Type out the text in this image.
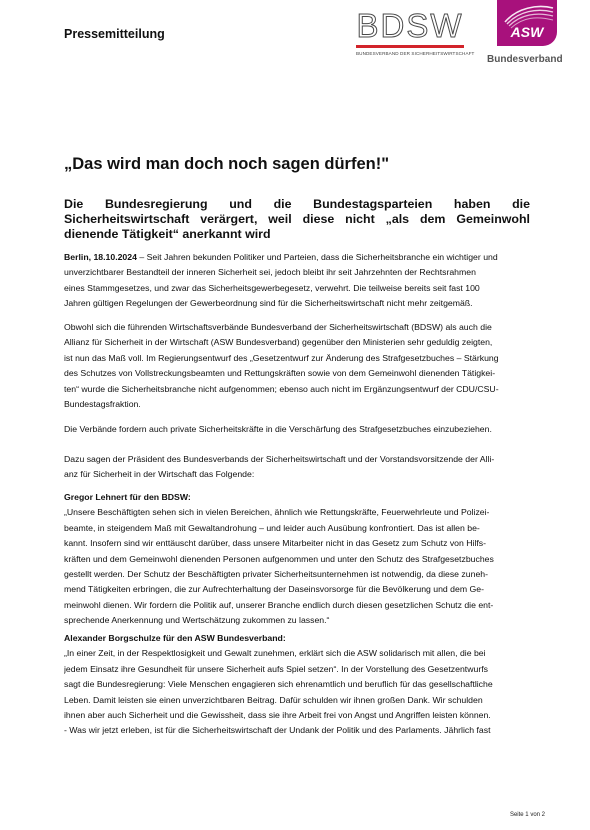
Pressemitteilung	BDSW
BUNDESVERBAND DER SICHERHEITSWIRTSCHAFT
ASW
Bundesverband
„Das wird man doch noch sagen dürfen!"
Die Bundesregierung und die Bundestagsparteien haben die
Sicherheitswirtschaft verärgert, weil diese nicht „als dem Gemeinwohl
dienende Tätigkeit“ anerkannt wird
Berlin, 18.10.2024 – Seit Jahren bekunden Politiker und Parteien, dass die Sicherheitsbranche ein wichtiger und
unverzichtbarer Bestandteil der inneren Sicherheit sei, jedoch bleibt ihr seit Jahrzehnten der Rechtsrahmen
eines Stammgesetzes, und zwar das Sicherheitsgewerbegesetz, verwehrt. Die teilweise bereits seit fast 100
Jahren gültigen Regelungen der Gewerbeordnung sind für die Sicherheitswirtschaft nicht mehr zeitgemäß.
Obwohl sich die führenden Wirtschaftsverbände Bundesverband der Sicherheitswirtschaft (BDSW) als auch die
Allianz für Sicherheit in der Wirtschaft (ASW Bundesverband) gegenüber den Ministerien sehr geduldig zeigten,
ist nun das Maß voll. Im Regierungsentwurf des „Gesetzentwurf zur Änderung des Strafgesetzbuches – Stärkung
des Schutzes von Vollstreckungsbeamten und Rettungskräften sowie von dem Gemeinwohl dienenden Tätigkei-
ten“ wurde die Sicherheitsbranche nicht aufgenommen; ebenso auch nicht im Ergänzungsentwurf der CDU/CSU-
Bundestagsfraktion.
Die Verbände fordern auch private Sicherheitskräfte in die Verschärfung des Strafgesetzbuches einzubeziehen.
Dazu sagen der Präsident des Bundesverbands der Sicherheitswirtschaft und der Vorstandsvorsitzende der Alli-
anz für Sicherheit in der Wirtschaft das Folgende:
Gregor Lehnert für den BDSW:
„Unsere Beschäftigten sehen sich in vielen Bereichen, ähnlich wie Rettungskräfte, Feuerwehrleute und Polizei-
beamte, in steigendem Maß mit Gewaltandrohung – und leider auch Ausübung konfrontiert. Das ist allen be-
kannt. Insofern sind wir enttäuscht darüber, dass unsere Mitarbeiter nicht in das Gesetz zum Schutz von Hilfs-
kräften und dem Gemeinwohl dienenden Personen aufgenommen und unter den Schutz des Strafgesetzbuches
gestellt werden. Der Schutz der Beschäftigten privater Sicherheitsunternehmen ist notwendig, da diese zuneh-
mend Tätigkeiten erbringen, die zur Aufrechterhaltung der Daseinsvorsorge für die Bevölkerung und dem Ge-
meinwohl dienen. Wir fordern die Politik auf, unserer Branche endlich durch diesen gesetzlichen Schutz die ent-
sprechende Anerkennung und Wertschätzung zukommen zu lassen.“
Alexander Borgschulze für den ASW Bundesverband:
„In einer Zeit, in der Respektlosigkeit und Gewalt zunehmen, erklärt sich die ASW solidarisch mit allen, die bei
jedem Einsatz ihre Gesundheit für unsere Sicherheit aufs Spiel setzen“. In der Vorstellung des Gesetzentwurfs
sagt die Bundesregierung: Viele Menschen engagieren sich ehrenamtlich und beruflich für das gesellschaftliche
Leben. Damit leisten sie einen unverzichtbaren Beitrag. Dafür schulden wir ihnen großen Dank. Wir schulden
ihnen aber auch Sicherheit und die Gewissheit, dass sie ihre Arbeit frei von Angst und Angriffen leisten können.
- Was wir jetzt erleben, ist für die Sicherheitswirtschaft der Undank der Politik und des Parlaments. Jährlich fast
Seite 1 von 2
